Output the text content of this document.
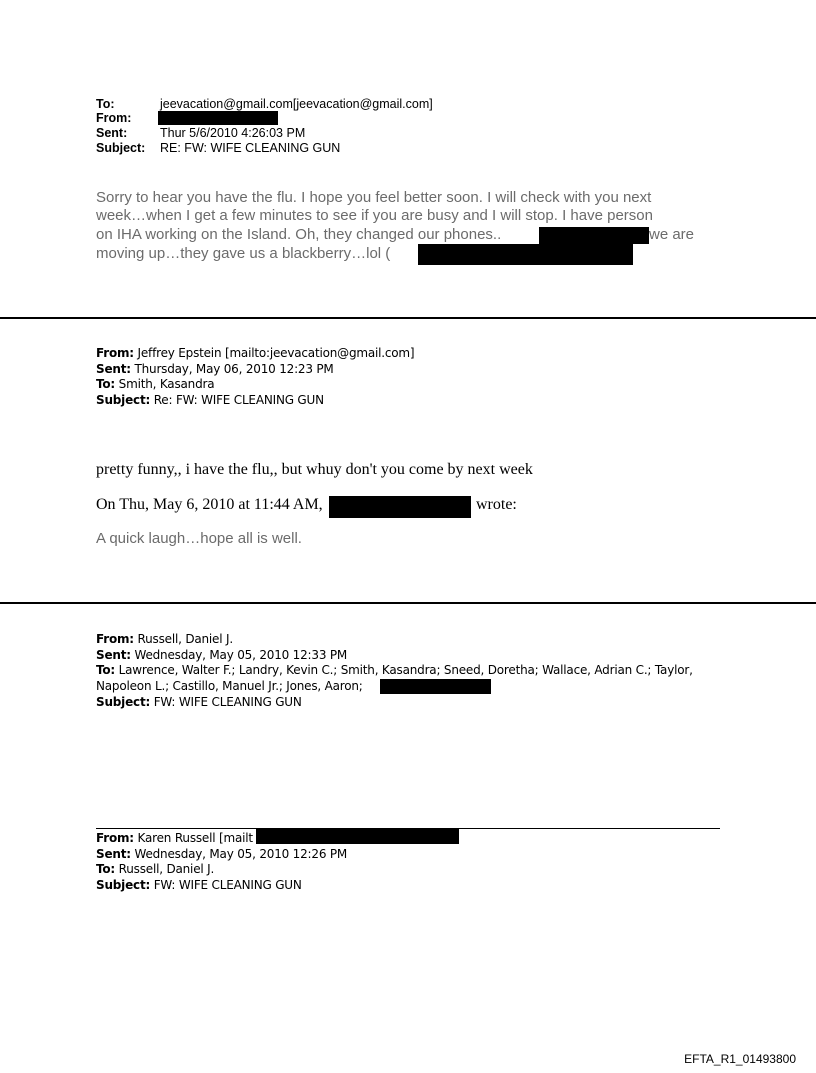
To:	jeevacation@gmail.com[jeevacation@gmail.com]
From:
Sent:	Thur 5/6/2010 4:26:03 PM
Subject: RE: FW: WIFE CLEANING GUN
Sorry to hear you have the flu. I hope you feel better soon. I will check with you next
week…when I get a few minutes to see if you are busy and I will stop. I have person
on IHA working on the Island. Oh, they changed our phones..	we are
moving up…they gave us a blackberry…lol (
From: Jeffrey Epstein [mailto:jeevacation@gmail.com]
Sent: Thursday, May 06, 2010 12:23 PM
To: Smith, Kasandra
Subject: Re: FW: WIFE CLEANING GUN
pretty funny,, i have the flu,, but whuy don't you come by next week
On Thu, May 6, 2010 at 11:44 AM,	wrote:
A quick laugh…hope all is well.
From: Russell, Daniel J.
Sent: Wednesday, May 05, 2010 12:33 PM
To: Lawrence, Walter F.; Landry, Kevin C.; Smith, Kasandra; Sneed, Doretha; Wallace, Adrian C.; Taylor,
Napoleon L.; Castillo, Manuel Jr.; Jones, Aaron;
Subject: FW: WIFE CLEANING GUN
From: Karen Russell [mailt
Sent: Wednesday, May 05, 2010 12:26 PM
To: Russell, Daniel J.
Subject: FW: WIFE CLEANING GUN
EFTA_R1_01493800
